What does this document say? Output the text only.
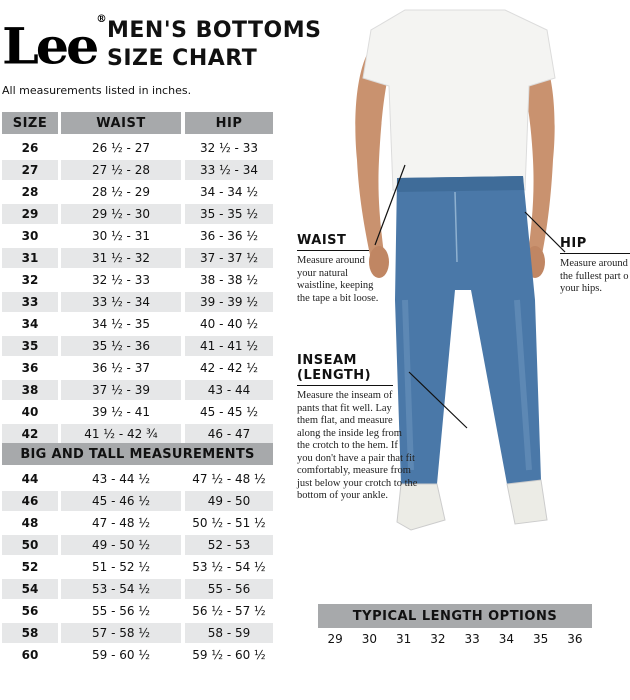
Lee® MEN'S BOTTOMS
SIZE CHART
All measurements listed in inches.
SIZE	WAIST	HIP
26	26 ½ - 27	32 ½ - 33
27	27 ½ - 28	33 ½ - 34
28	28 ½ - 29	34 - 34 ½
29	29 ½ - 30	35 - 35 ½
30	30 ½ - 31	36 - 36 ½
31	31 ½ - 32	37 - 37 ½
32	32 ½ - 33	38 - 38 ½
33	33 ½ - 34	39 - 39 ½
34	34 ½ - 35	40 - 40 ½
35	35 ½ - 36	41 - 41 ½
36	36 ½ - 37	42 - 42 ½
38	37 ½ - 39	43 - 44
40	39 ½ - 41	45 - 45 ½
42	41 ½ - 42 ¾	46 - 47
BIG AND TALL MEASUREMENTS
44	43 - 44 ½	47 ½ - 48 ½
46	45 - 46 ½	49 - 50
48	47 - 48 ½	50 ½ - 51 ½
50	49 - 50 ½	52 - 53
52	51 - 52 ½	53 ½ - 54 ½
54	53 - 54 ½	55 - 56
56	55 - 56 ½	56 ½ - 57 ½
58	57 - 58 ½	58 - 59
60	59 - 60 ½	59 ½ - 60 ½
WAIST
Measure around
your natural
waistline, keeping
the tape a bit loose.
HIP
Measure around
the fullest part o
your hips.
INSEAM (LENGTH)
Measure the inseam of
pants that fit well. Lay
them flat, and measure
along the inside leg from
the crotch to the hem. If
you don't have a pair that fit
comfortably, measure from
just below your crotch to the
bottom of your ankle.
TYPICAL LENGTH OPTIONS
29 30 31 32 33 34 35 36
